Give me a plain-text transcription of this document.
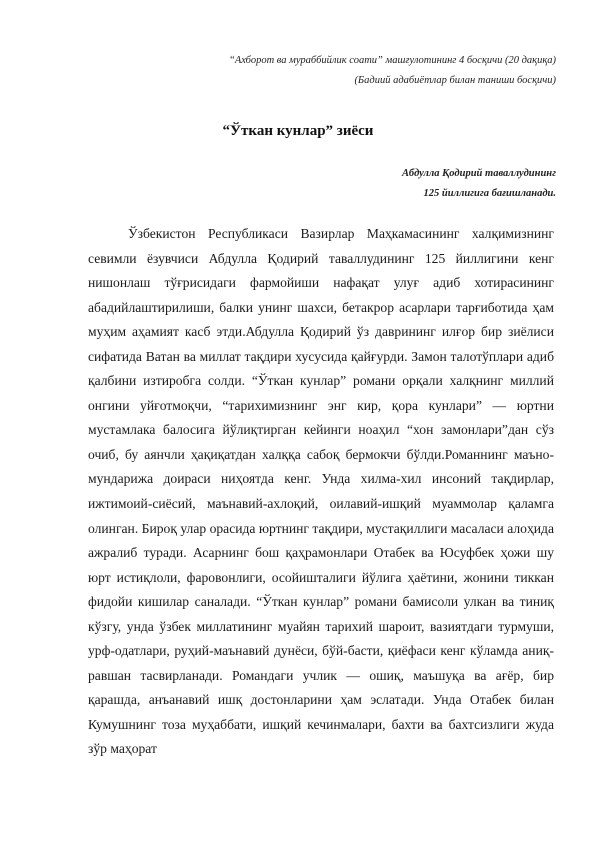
“Ахборот ва мураббийлик соати” машғулотининг 4 босқичи (20 дақиқа)
(Бадиий адабиётлар билан таниши босқичи)
“Ўткан кунлар” зиёси
Абдулла Қодирий таваллудининг
125 йиллигига бағишланади.

Ўзбекистон Республикаси Вазирлар Маҳкамасининг халқимизнинг севимли ёзувчиси Абдулла Қодирий таваллудининг 125 йиллигини кенг нишонлаш тўғрисидаги фармойиши нафақат улуғ адиб хотирасининг абадийлаштирилиши, балки унинг шахси, бетакрор асарлари тарғиботида ҳам муҳим аҳамият касб этди.Абдулла Қодирий ўз даврининг илғор бир зиёлиси сифатида Ватан ва миллат тақдири хусусида қайғурди. Замон талотўплари адиб қалбини изтиробга солди. “Ўткан кунлар” романи орқали халқнинг миллий онгини уйғотмоқчи, “тарихимизнинг энг кир, қора кунлари” — юртни мустамлака балосига йўлиқтирган кейинги ноаҳил “хон замонлари”дан сўз очиб, бу аянчли ҳақиқатдан халққа сабоқ бермокчи бўлди.Романнинг маъно-мундарижа доираси ниҳоятда кенг. Унда хилма-хил инсоний тақдирлар, ижтимоий-сиёсий, маънавий-ахлоқий, оилавий-ишқий муаммолар қаламга олинган. Бироқ улар орасида юртнинг тақдири, мустақиллиги масаласи алоҳида ажралиб туради. Асарнинг бош қаҳрамонлари Отабек ва Юсуфбек ҳожи шу юрт истиқлоли, фаровонлиги, осойишталиги йўлига ҳаётини, жонини тиккан фидойи кишилар саналади. “Ўткан кунлар” романи бамисоли улкан ва тиниқ кўзгу, унда ўзбек миллатининг муайян тарихий шароит, вазиятдаги турмуши, урф-одатлари, руҳий-маънавий дунёси, бўй-басти, қиёфаси кенг кўламда аниқ-равшан тасвирланади. Романдаги учлик — ошиқ, маъшуқа ва ағёр, бир қарашда, анъанавий ишқ достонларини ҳам эслатади. Унда Отабек билан Кумушнинг тоза муҳаббати, ишқий кечинмалари, бахти ва бахтсизлиги жуда зўр маҳорат
